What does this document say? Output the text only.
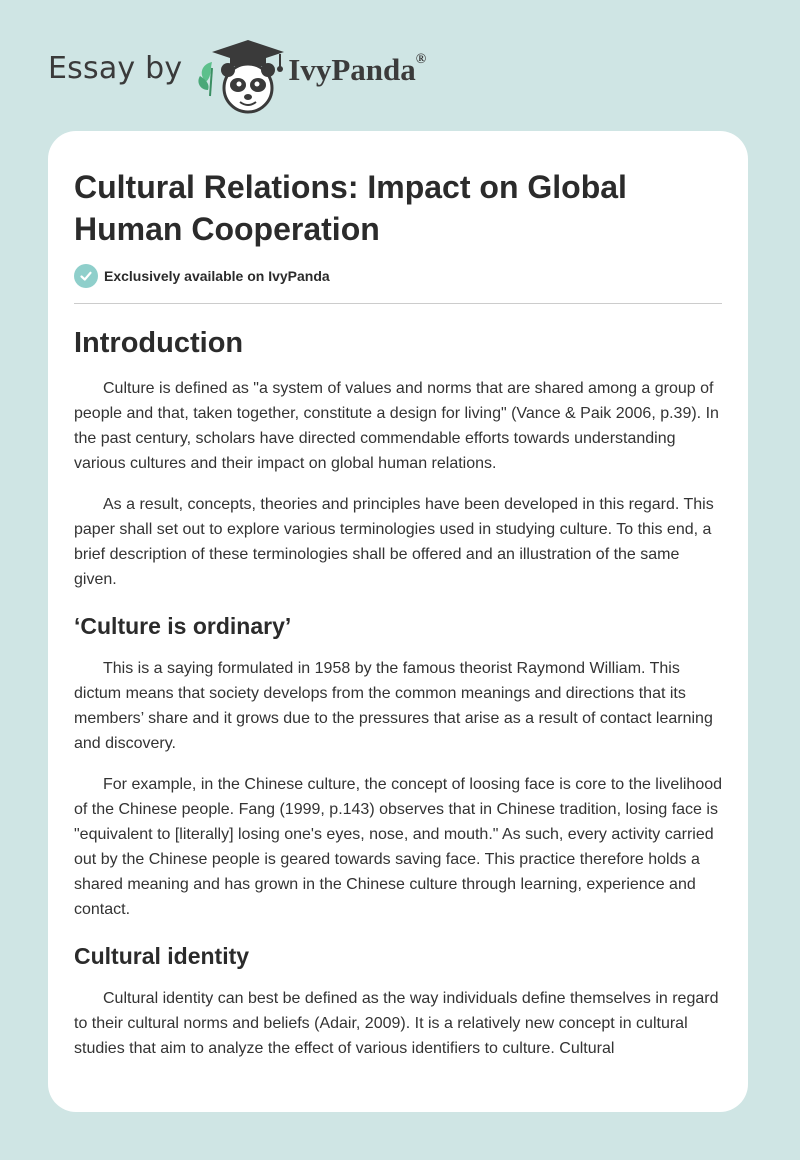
Essay by	IvyPanda®
Cultural Relations: Impact on Global Human Cooperation
Exclusively available on IvyPanda
Introduction

Culture is defined as "a system of values and norms that are shared among a group of people and that, taken together, constitute a design for living" (Vance & Paik 2006, p.39). In the past century, scholars have directed commendable efforts towards understanding various cultures and their impact on global human relations.

As a result, concepts, theories and principles have been developed in this regard. This paper shall set out to explore various terminologies used in studying culture. To this end, a brief description of these terminologies shall be offered and an illustration of the same given.

‘Culture is ordinary’

This is a saying formulated in 1958 by the famous theorist Raymond William. This dictum means that society develops from the common meanings and directions that its members’ share and it grows due to the pressures that arise as a result of contact learning and discovery.

For example, in the Chinese culture, the concept of loosing face is core to the livelihood of the Chinese people. Fang (1999, p.143) observes that in Chinese tradition, losing face is "equivalent to [literally] losing one's eyes, nose, and mouth." As such, every activity carried out by the Chinese people is geared towards saving face. This practice therefore holds a shared meaning and has grown in the Chinese culture through learning, experience and contact.

Cultural identity

Cultural identity can best be defined as the way individuals define themselves in regard to their cultural norms and beliefs (Adair, 2009). It is a relatively new concept in cultural studies that aim to analyze the effect of various identifiers to culture. Cultural
